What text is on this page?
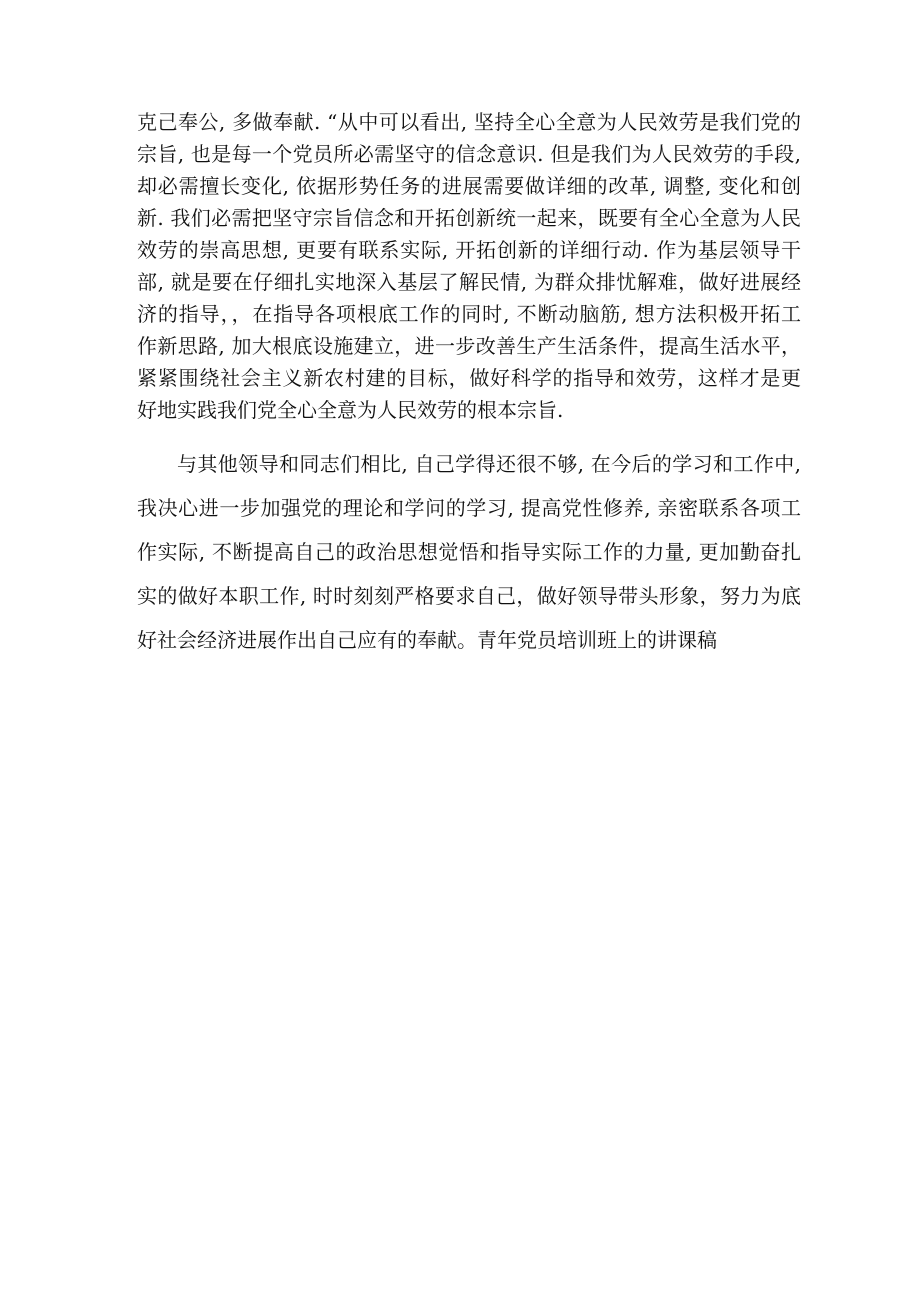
克己奉公, 多做奉献. “从中可以看出, 坚持全心全意为人民效劳是我们党的
宗旨, 也是每一个党员所必需坚守的信念意识. 但是我们为人民效劳的手段,
却必需擅长变化, 依据形势任务的进展需要做详细的改革, 调整, 变化和创
新. 我们必需把坚守宗旨信念和开拓创新统一起来，既要有全心全意为人民
效劳的崇高思想, 更要有联系实际, 开拓创新的详细行动. 作为基层领导干
部, 就是要在仔细扎实地深入基层了解民情, 为群众排忧解难，做好进展经
济的指导，，在指导各项根底工作的同时, 不断动脑筋, 想方法积极开拓工
作新思路, 加大根底设施建立，进一步改善生产生活条件，提高生活水平，
紧紧围绕社会主义新农村建的目标，做好科学的指导和效劳，这样才是更
好地实践我们党全心全意为人民效劳的根本宗旨.
与其他领导和同志们相比, 自己学得还很不够, 在今后的学习和工作中,
我决心进一步加强党的理论和学问的学习, 提高党性修养, 亲密联系各项工
作实际, 不断提高自己的政治思想觉悟和指导实际工作的力量, 更加勤奋扎
实的做好本职工作, 时时刻刻严格要求自己，做好领导带头形象，努力为底
好社会经济进展作出自己应有的奉献。青年党员培训班上的讲课稿
